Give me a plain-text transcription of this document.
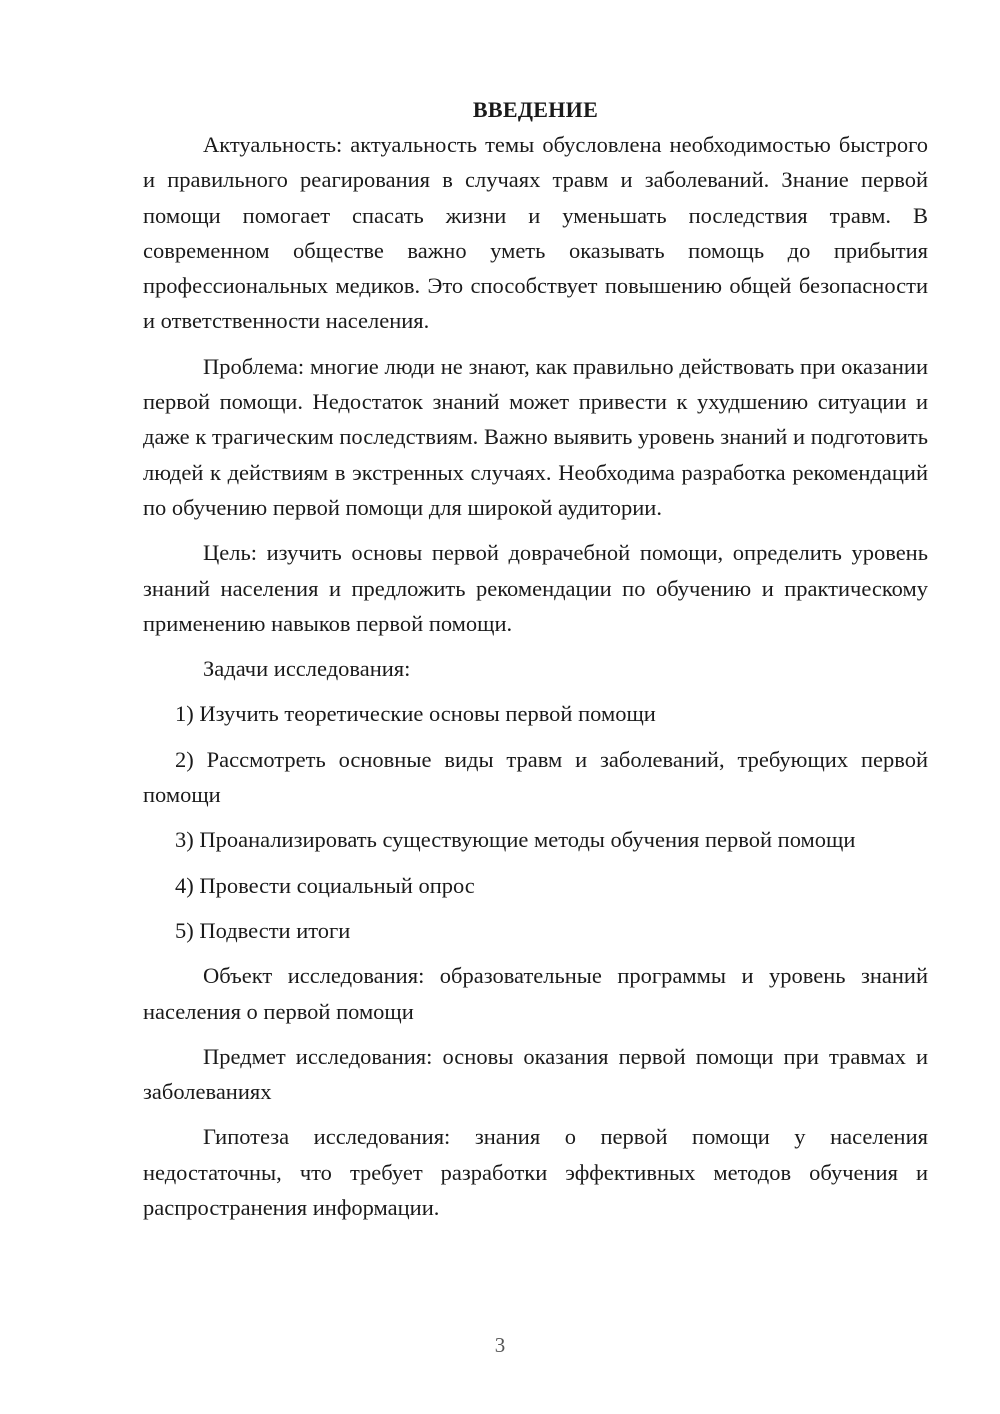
ВВЕДЕНИЕ

Актуальность: актуальность темы обусловлена необходимостью быстрого и правильного реагирования в случаях травм и заболеваний. Знание первой помощи помогает спасать жизни и уменьшать последствия травм. В современном обществе важно уметь оказывать помощь до прибытия профессиональных медиков. Это способствует повышению общей безопасности и ответственности населения.

Проблема: многие люди не знают, как правильно действовать при оказании первой помощи. Недостаток знаний может привести к ухудшению ситуации и даже к трагическим последствиям. Важно выявить уровень знаний и подготовить людей к действиям в экстренных случаях. Необходима разработка рекомендаций по обучению первой помощи для широкой аудитории.

Цель: изучить основы первой доврачебной помощи, определить уровень знаний населения и предложить рекомендации по обучению и практическому применению навыков первой помощи.

Задачи исследования:

1) Изучить теоретические основы первой помощи

2) Рассмотреть основные виды травм и заболеваний, требующих первой помощи

3) Проанализировать существующие методы обучения первой помощи

4) Провести социальный опрос

5) Подвести итоги

Объект исследования: образовательные программы и уровень знаний населения о первой помощи

Предмет исследования: основы оказания первой помощи при травмах и заболеваниях

Гипотеза исследования: знания о первой помощи у населения недостаточны, что требует разработки эффективных методов обучения и распространения информации.

3
